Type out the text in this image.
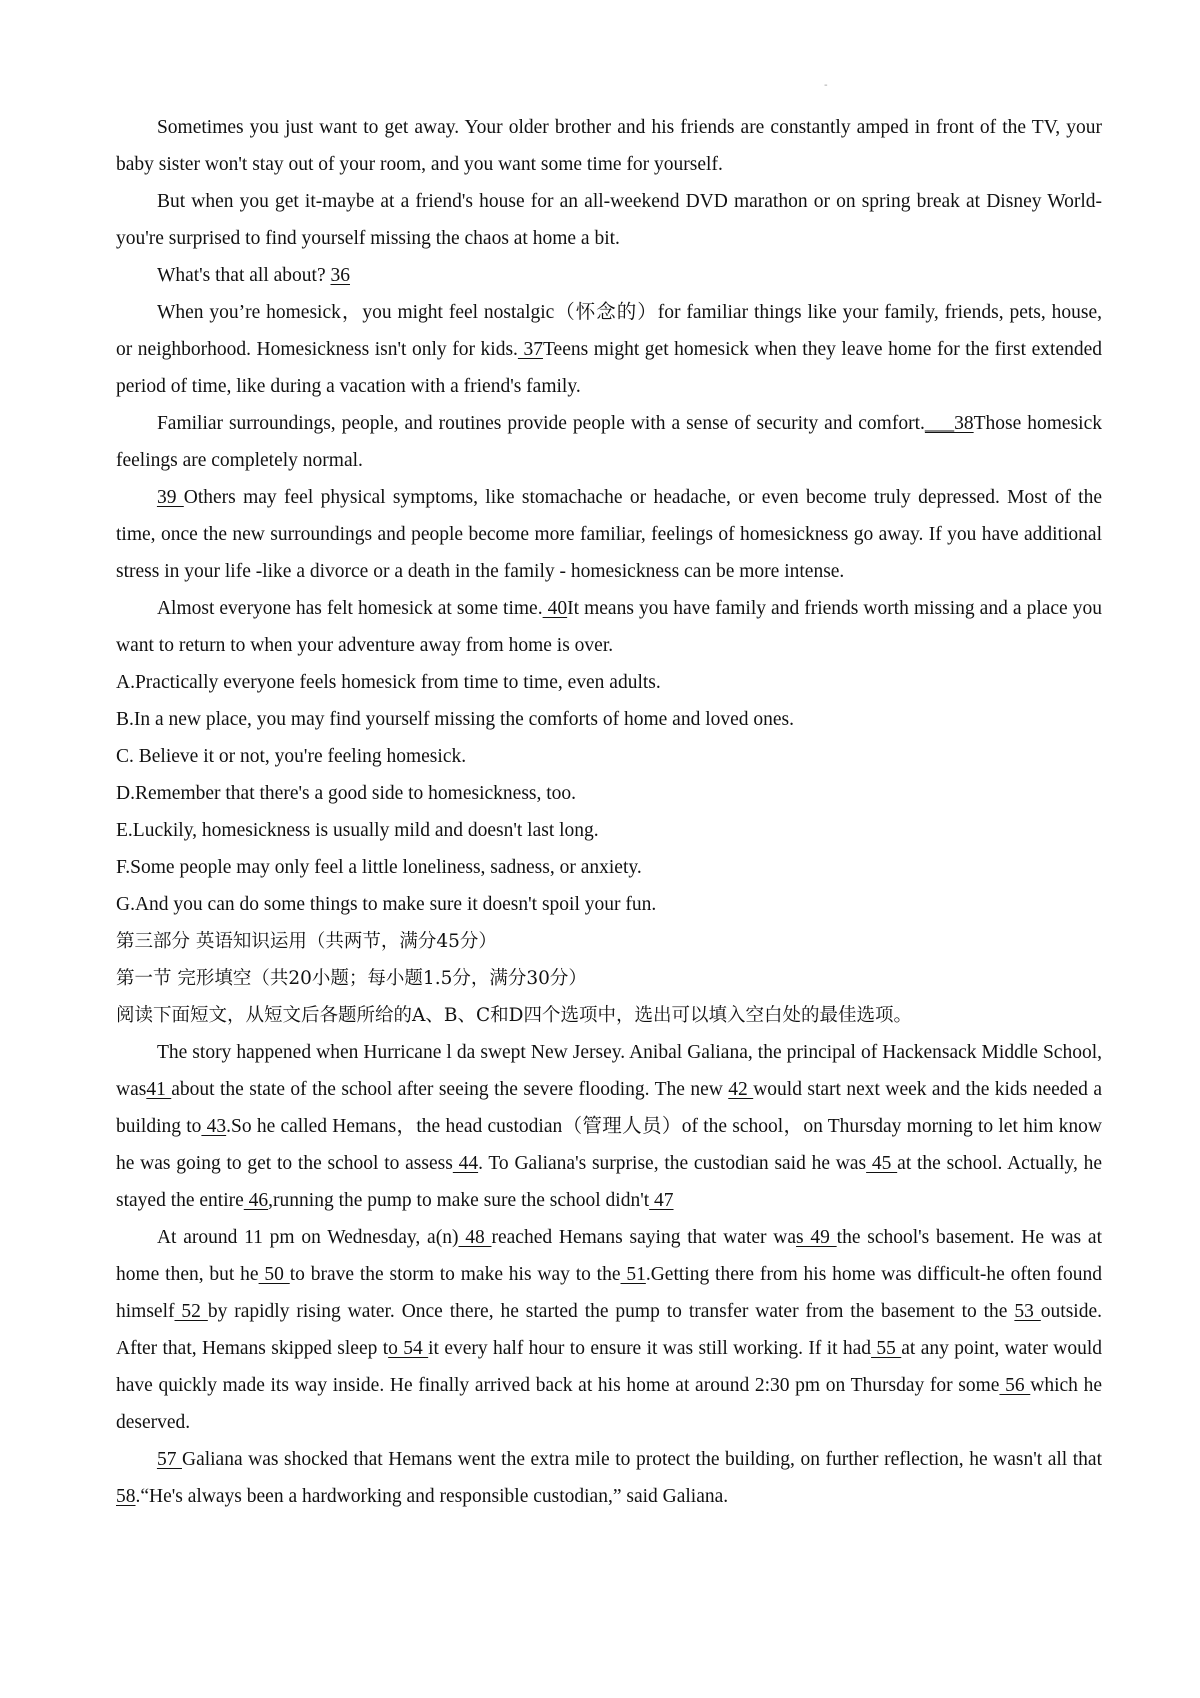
-

Sometimes you just want to get away. Your older brother and his friends are constantly amped in front of the TV, your baby sister won't stay out of your room, and you want some time for yourself.

But when you get it-maybe at a friend's house for an all-weekend DVD marathon or on spring break at Disney World-you're surprised to find yourself missing the chaos at home a bit.

What's that all about? 36

When you’re homesick，you might feel nostalgic（怀念的）for familiar things like your family, friends, pets, house, or neighborhood. Homesickness isn't only for kids. 37Teens might get homesick when they leave home for the first extended period of time, like during a vacation with a friend's family.

Familiar surroundings, people, and routines provide people with a sense of security and comfort.___38Those homesick feelings are completely normal.

39 Others may feel physical symptoms, like stomachache or headache, or even become truly depressed. Most of the time, once the new surroundings and people become more familiar, feelings of homesickness go away. If you have additional stress in your life -like a divorce or a death in the family - homesickness can be more intense.

Almost everyone has felt homesick at some time. 40It means you have family and friends worth missing and a place you want to return to when your adventure away from home is over.

A.Practically everyone feels homesick from time to time, even adults.

B.In a new place, you may find yourself missing the comforts of home and loved ones.

C. Believe it or not, you're feeling homesick.

D.Remember that there's a good side to homesickness, too.

E.Luckily, homesickness is usually mild and doesn't last long.

F.Some people may only feel a little loneliness, sadness, or anxiety.

G.And you can do some things to make sure it doesn't spoil your fun.

第三部分 英语知识运用（共两节，满分45分）

第一节 完形填空（共20小题；每小题1.5分，满分30分）

阅读下面短文，从短文后各题所给的A、B、C和D四个选项中，选出可以填入空白处的最佳选项。

The story happened when Hurricane l da swept New Jersey. Anibal Galiana, the principal of Hackensack Middle School, was41 about the state of the school after seeing the severe flooding. The new 42 would start next week and the kids needed a building to 43.So he called Hemans，the head custodian（管理人员）of the school，on Thursday morning to let him know he was going to get to the school to assess 44. To Galiana's surprise, the custodian said he was 45 at the school. Actually, he stayed the entire 46,running the pump to make sure the school didn't 47

At around 11 pm on Wednesday, a(n) 48 reached Hemans saying that water was 49 the school's basement. He was at home then, but he 50 to brave the storm to make his way to the 51.Getting there from his home was difficult-he often found himself 52 by rapidly rising water. Once there, he started the pump to transfer water from the basement to the 53 outside. After that, Hemans skipped sleep to 54 it every half hour to ensure it was still working. If it had 55 at any point, water would have quickly made its way inside. He finally arrived back at his home at around 2:30 pm on Thursday for some 56 which he deserved.

57 Galiana was shocked that Hemans went the extra mile to protect the building, on further reflection, he wasn't all that 58.“He's always been a hardworking and responsible custodian,” said Galiana.
